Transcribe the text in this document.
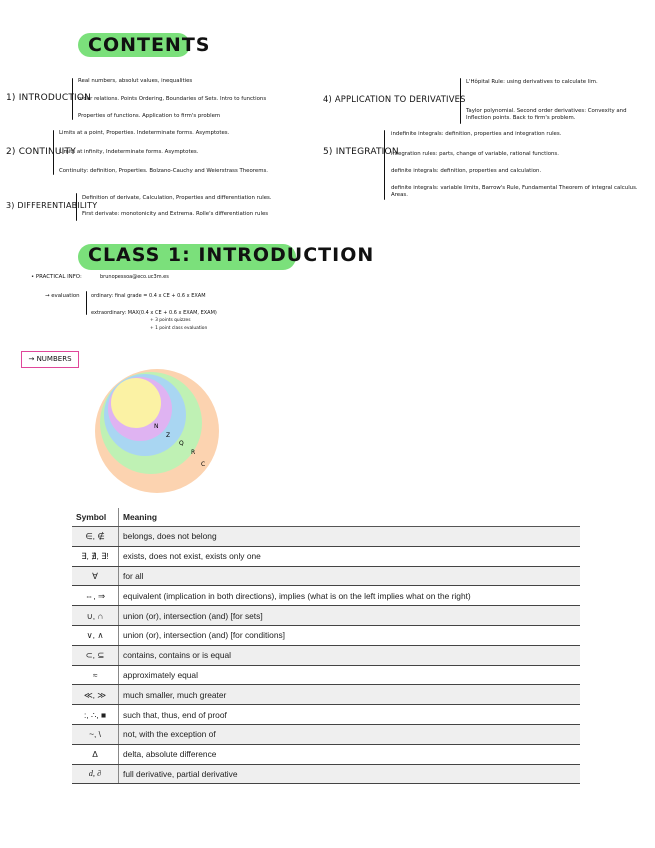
CONTENTS
1) INTRODUCTION
Real numbers, absolut values, inequalities
order relations. Points Ordering, Boundaries of Sets. Intro to functions
Properties of functions. Application to firm's problem
2) CONTINUITY
Limits at a point, Properties. Indeterminate forms. Asymptotes.
Limits at infinity, Indeterminate forms. Asymptotes.
Continuity: definition, Properties. Bolzano-Cauchy and Weierstrass Theorems.
3) DIFFERENTIABILITY
Definition of derivate, Calculation, Properties and differentiation rules.
First derivate: monotonicity and Extrema. Rolle's differentiation rules
4) APPLICATION TO DERIVATIVES
L'Hôpital Rule: using derivatives to calculate lim.
Taylor polynomial. Second order derivatives: Convexity and Inflection points. Back to firm's problem.
5) INTEGRATION
indefinite integrals: definition, properties and integration rules.
integration rules: parts, change of variable, rational functions.
definite integrals: definition, properties and calculation.
definite integrals: variable limits, Barrow's Rule, Fundamental Theorem of integral calculus. Areas.
CLASS 1: INTRODUCTION
• PRACTICAL INFO:	brunopessoa@eco.uc3m.es
→ evaluation ordinary: final grade = 0.4 x CE + 0.6 x EXAM
extraordinary: MAX(0.4 x CE + 0.6 x EXAM, EXAM)
+ 3 points quizzes
+ 1 point class evaluation
→ NUMBERS
N
Z
Q
R
C
Symbol	Meaning
∈, ∉	belongs, does not belong
∃, ∄, ∃!	exists, does not exist, exists only one
∀	for all
⇔, ⇒	equivalent (implication in both directions), implies (what is on the left implies what on the right)
∪, ∩	union (or), intersection (and) [for sets]
∨, ∧	union (or), intersection (and) [for conditions]
⊂, ⊆	contains, contains or is equal
≈	approximately equal
≪, ≫	much smaller, much greater
:, ∴, ■	such that, thus, end of proof
~, \	not, with the exception of
Δ	delta, absolute difference
d, ∂	full derivative, partial derivative
